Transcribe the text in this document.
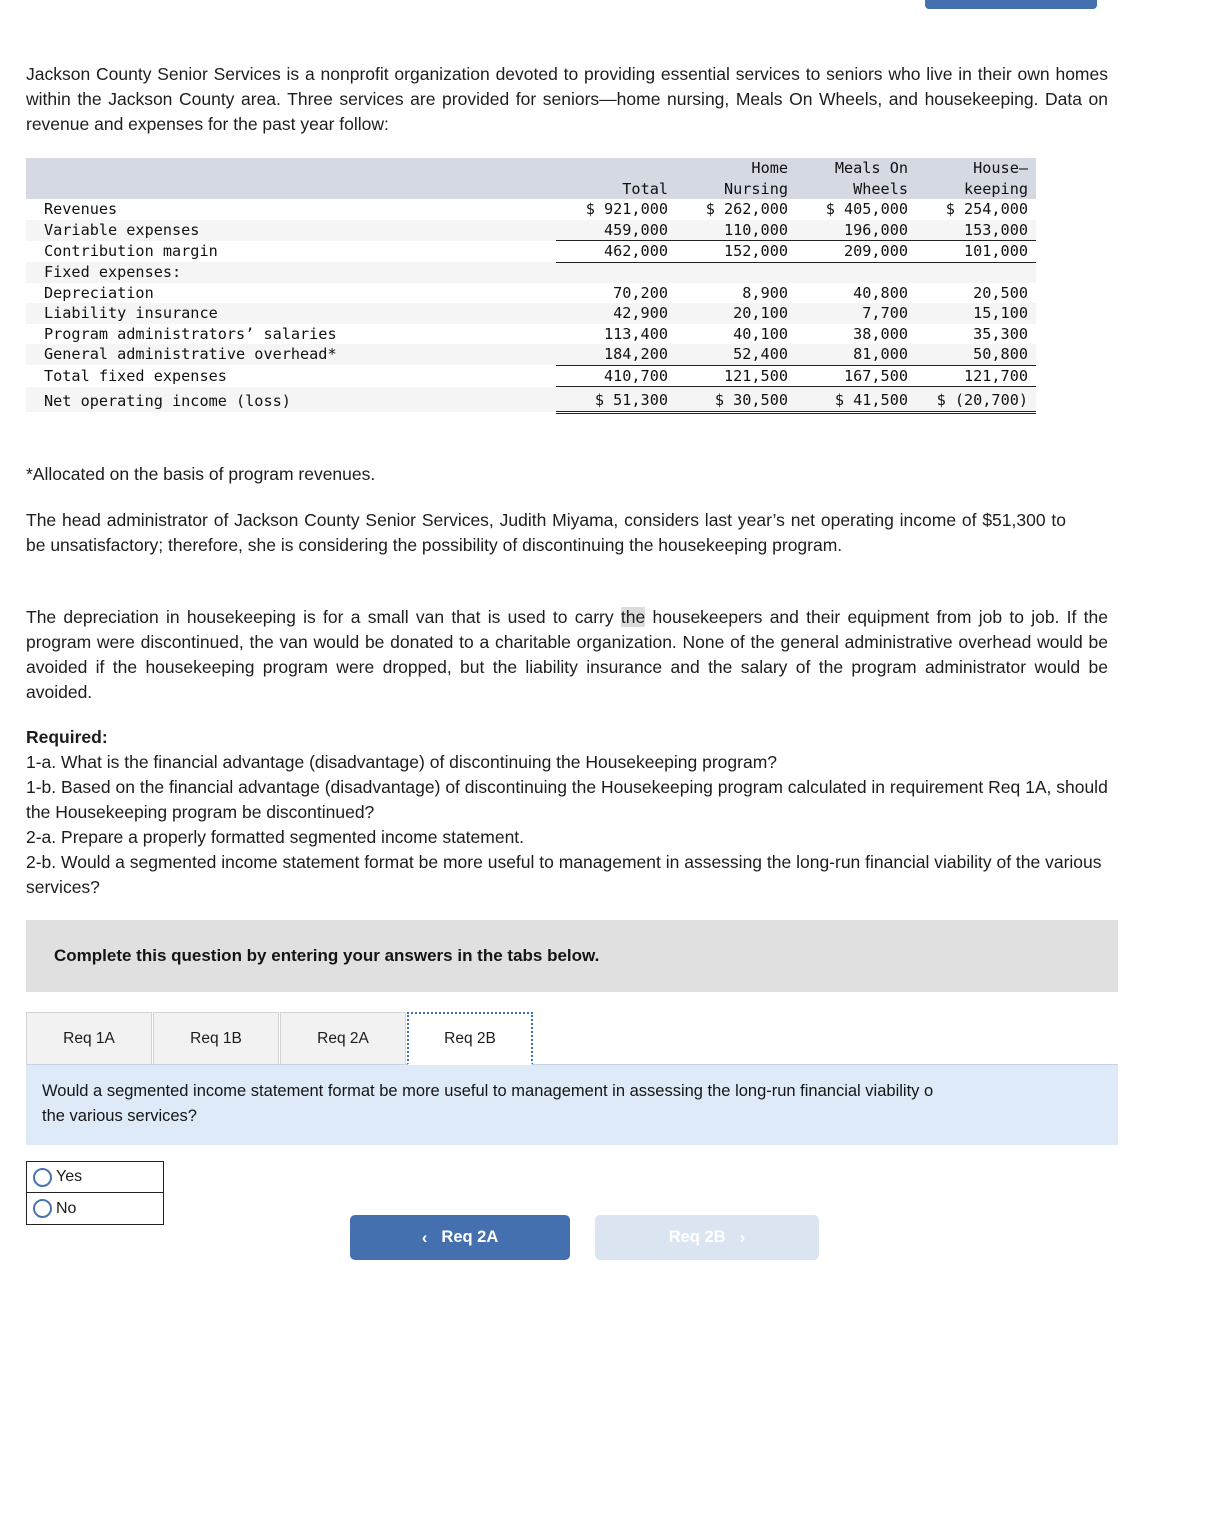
Jackson County Senior Services is a nonprofit organization devoted to providing essential services to seniors who live in their own homes within the Jackson County area. Three services are provided for seniors—home nursing, Meals On Wheels, and housekeeping. Data on revenue and expenses for the past year follow:

		Home	Meals On	House—
	Total	Nursing	Wheels	keeping
Revenues	$ 921,000	$ 262,000	$ 405,000	$ 254,000
Variable expenses	459,000	110,000	196,000	153,000
Contribution margin	462,000	152,000	209,000	101,000
Fixed expenses:				
Depreciation	70,200	8,900	40,800	20,500
Liability insurance	42,900	20,100	7,700	15,100
Program administrators’ salaries	113,400	40,100	38,000	35,300
General administrative overhead*	184,200	52,400	81,000	50,800
Total fixed expenses	410,700	121,500	167,500	121,700
Net operating income (loss)	$ 51,300	$ 30,500	$ 41,500	$ (20,700)
*Allocated on the basis of program revenues.

The head administrator of Jackson County Senior Services, Judith Miyama, considers last year’s net operating income of $51,300 to be unsatisfactory; therefore, she is considering the possibility of discontinuing the housekeeping program.

The depreciation in housekeeping is for a small van that is used to carry the housekeepers and their equipment from job to job. If the program were discontinued, the van would be donated to a charitable organization. None of the general administrative overhead would be avoided if the housekeeping program were dropped, but the liability insurance and the salary of the program administrator would be avoided.

Required:
1-a. What is the financial advantage (disadvantage) of discontinuing the Housekeeping program?
1-b. Based on the financial advantage (disadvantage) of discontinuing the Housekeeping program calculated in requirement Req 1A, should the Housekeeping program be discontinued?
2-a. Prepare a properly formatted segmented income statement.
2-b. Would a segmented income statement format be more useful to management in assessing the long-run financial viability of the various services?
Complete this question by entering your answers in the tabs below.
Req 1A	Req 1B	Req 2A	Req 2B
Would a segmented income statement format be more useful to management in assessing the long-run financial viability o
the various services?
Yes
No
‹ Req 2A	Req 2B ›
